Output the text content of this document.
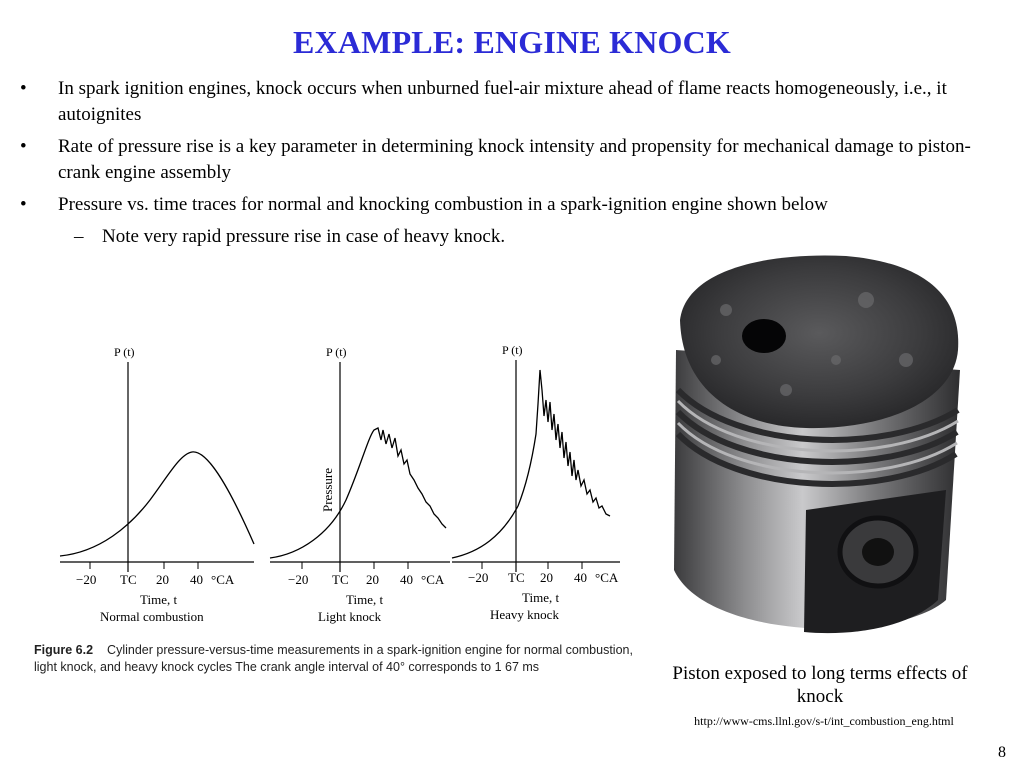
EXAMPLE: ENGINE KNOCK
• In spark ignition engines, knock occurs when unburned fuel-air mixture ahead of flame reacts homogeneously, i.e., it autoignites
• Rate of pressure rise is a key parameter in determining knock intensity and propensity for mechanical damage to piston-crank engine assembly
• Pressure vs. time traces for normal and knocking combustion in a spark-ignition engine shown below
– Note very rapid pressure rise in case of heavy knock.
P (t)
−20 TC 20 40 °CA
Time, t
Normal combustion
P (t)
Pressure
−20 TC 20 40 °CA
Time, t
Light knock
P (t)
−20 TC 20 40 °CA
Time, t
Heavy knock
Figure 6.2 Cylinder pressure-versus-time measurements in a spark-ignition engine for normal combustion, light knock, and heavy knock cycles The crank angle interval of 40° corresponds to 1 67 ms	Piston exposed to long terms effects of knock
http://www-cms.llnl.gov/s-t/int_combustion_eng.html
8
